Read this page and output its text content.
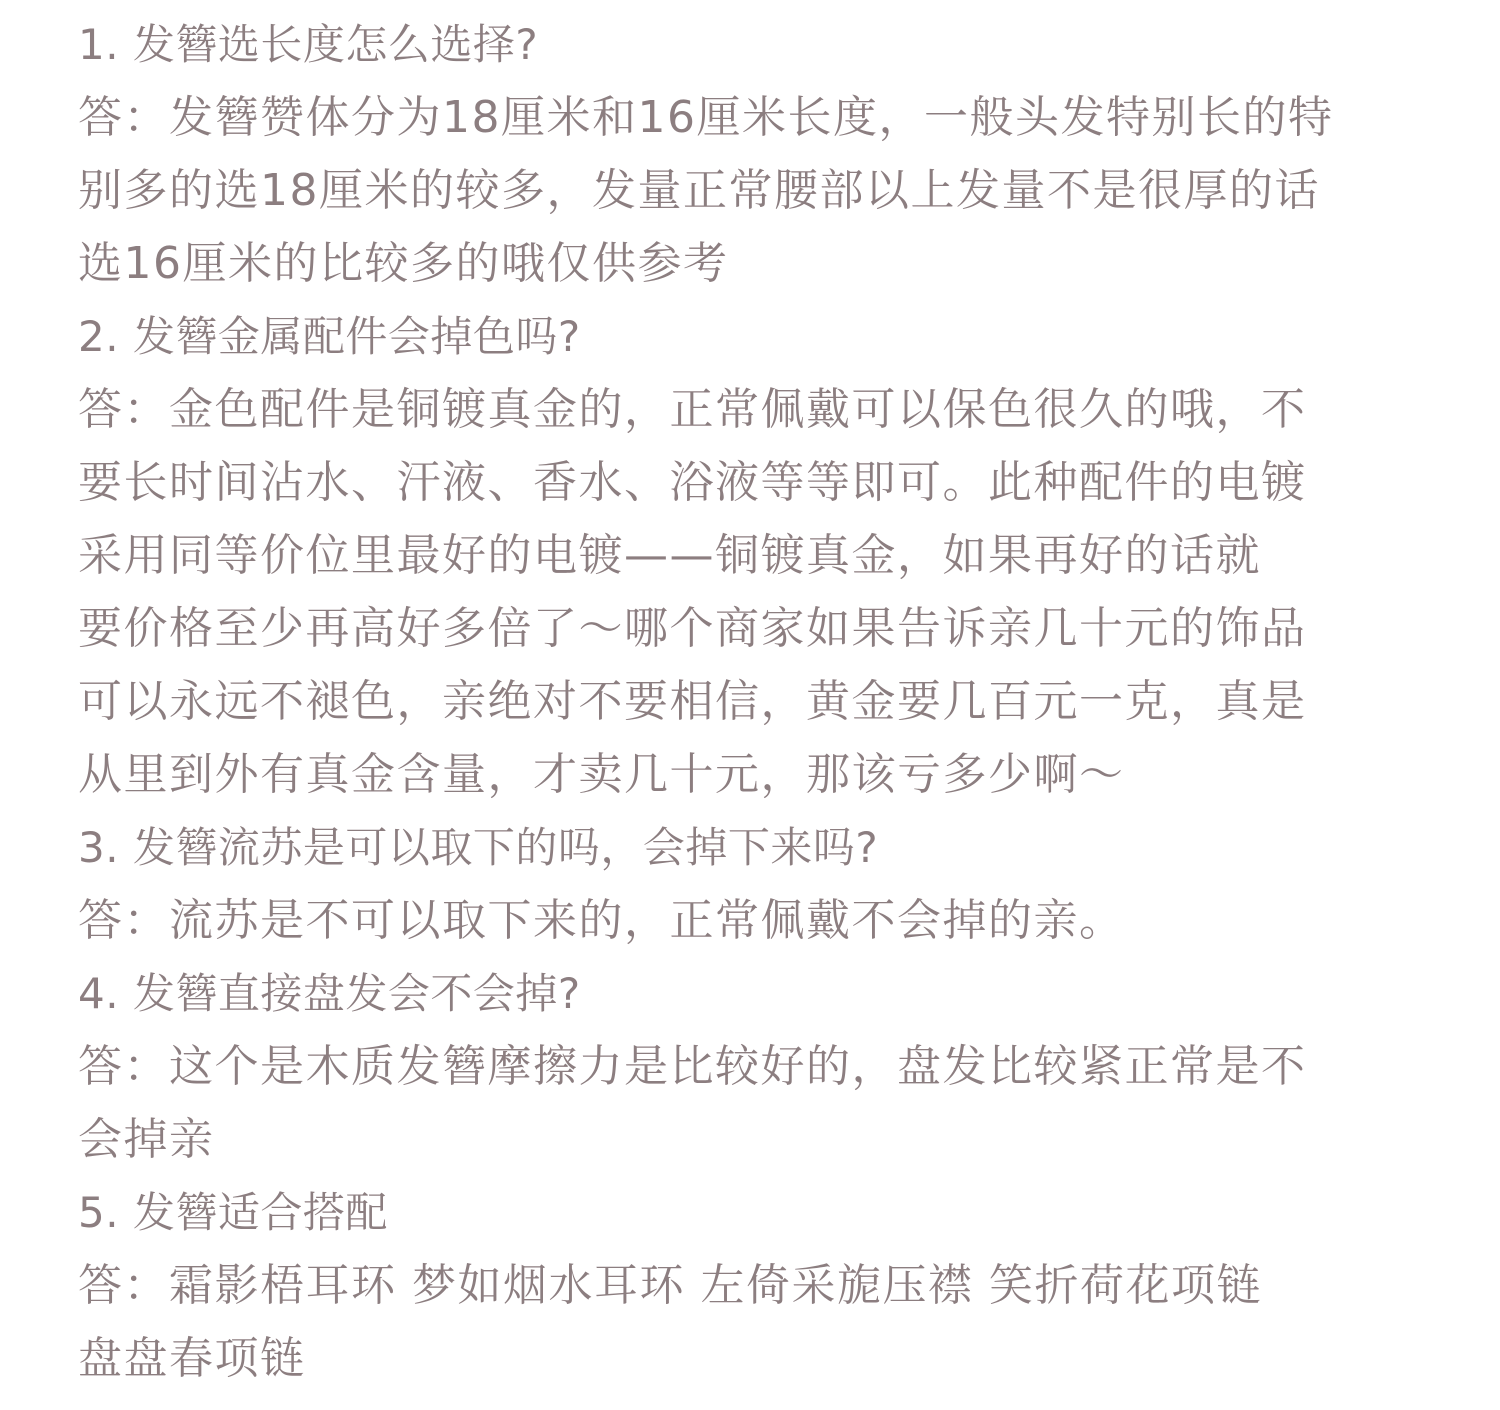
1. 发簪选长度怎么选择?
答：发簪赞体分为18厘米和16厘米长度，一般头发特别长的特
别多的选18厘米的较多，发量正常腰部以上发量不是很厚的话
选16厘米的比较多的哦仅供参考
2. 发簪金属配件会掉色吗?
答：金色配件是铜镀真金的，正常佩戴可以保色很久的哦，不
要长时间沾水、汗液、香水、浴液等等即可。此种配件的电镀
采用同等价位里最好的电镀——铜镀真金，如果再好的话就
要价格至少再高好多倍了～哪个商家如果告诉亲几十元的饰品
可以永远不褪色，亲绝对不要相信，黄金要几百元一克，真是
从里到外有真金含量，才卖几十元，那该亏多少啊～
3. 发簪流苏是可以取下的吗，会掉下来吗?
答：流苏是不可以取下来的，正常佩戴不会掉的亲。
4. 发簪直接盘发会不会掉?
答：这个是木质发簪摩擦力是比较好的，盘发比较紧正常是不
会掉亲
5. 发簪适合搭配
答：霜影梧耳环 梦如烟水耳环 左倚采旎压襟 笑折荷花项链
盘盘春项链
